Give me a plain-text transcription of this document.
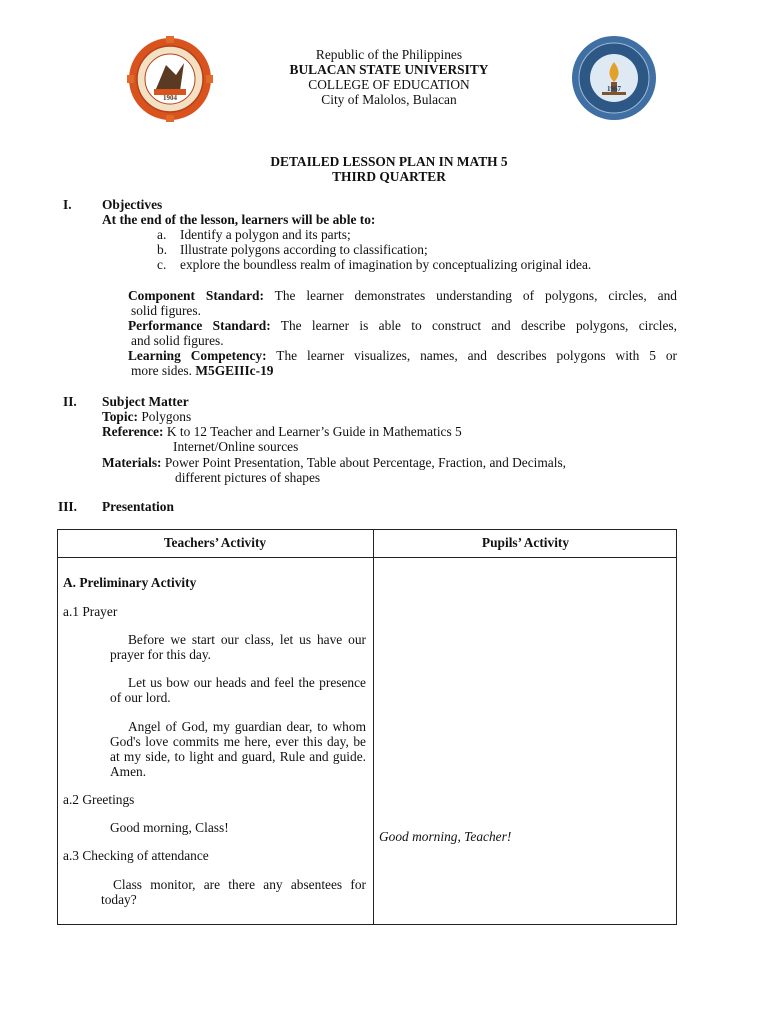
1904
1967
Republic of the Philippines
BULACAN STATE UNIVERSITY
COLLEGE OF EDUCATION
City of Malolos, Bulacan
DETAILED LESSON PLAN IN MATH 5
THIRD QUARTER
I. Objectives
At the end of the lesson, learners will be able to:
a. Identify a polygon and its parts;
b. Illustrate polygons according to classification;
c. explore the boundless realm of imagination by conceptualizing original idea.
Component Standard: The learner demonstrates understanding of polygons, circles, and
solid figures.
Performance Standard: The learner is able to construct and describe polygons, circles,
and solid figures.
Learning Competency: The learner visualizes, names, and describes polygons with 5 or
more sides. M5GEIIIc-19
II. Subject Matter
Topic: Polygons
Reference: K to 12 Teacher and Learner’s Guide in Mathematics 5
Internet/Online sources
Materials: Power Point Presentation, Table about Percentage, Fraction, and Decimals,
different pictures of shapes
III. Presentation
Teachers’ Activity	Pupils’ Activity
A. Preliminary Activity
a.1 Prayer
Before we start our class, let us have our prayer for this day.
Let us bow our heads and feel the presence of our lord.
Angel of God, my guardian dear, to whom God's love commits me here, ever this day, be at my side, to light and guard, Rule and guide. Amen.
a.2 Greetings
Good morning, Class!
Good morning, Teacher!
a.3 Checking of attendance
Class monitor, are there any absentees for today?
